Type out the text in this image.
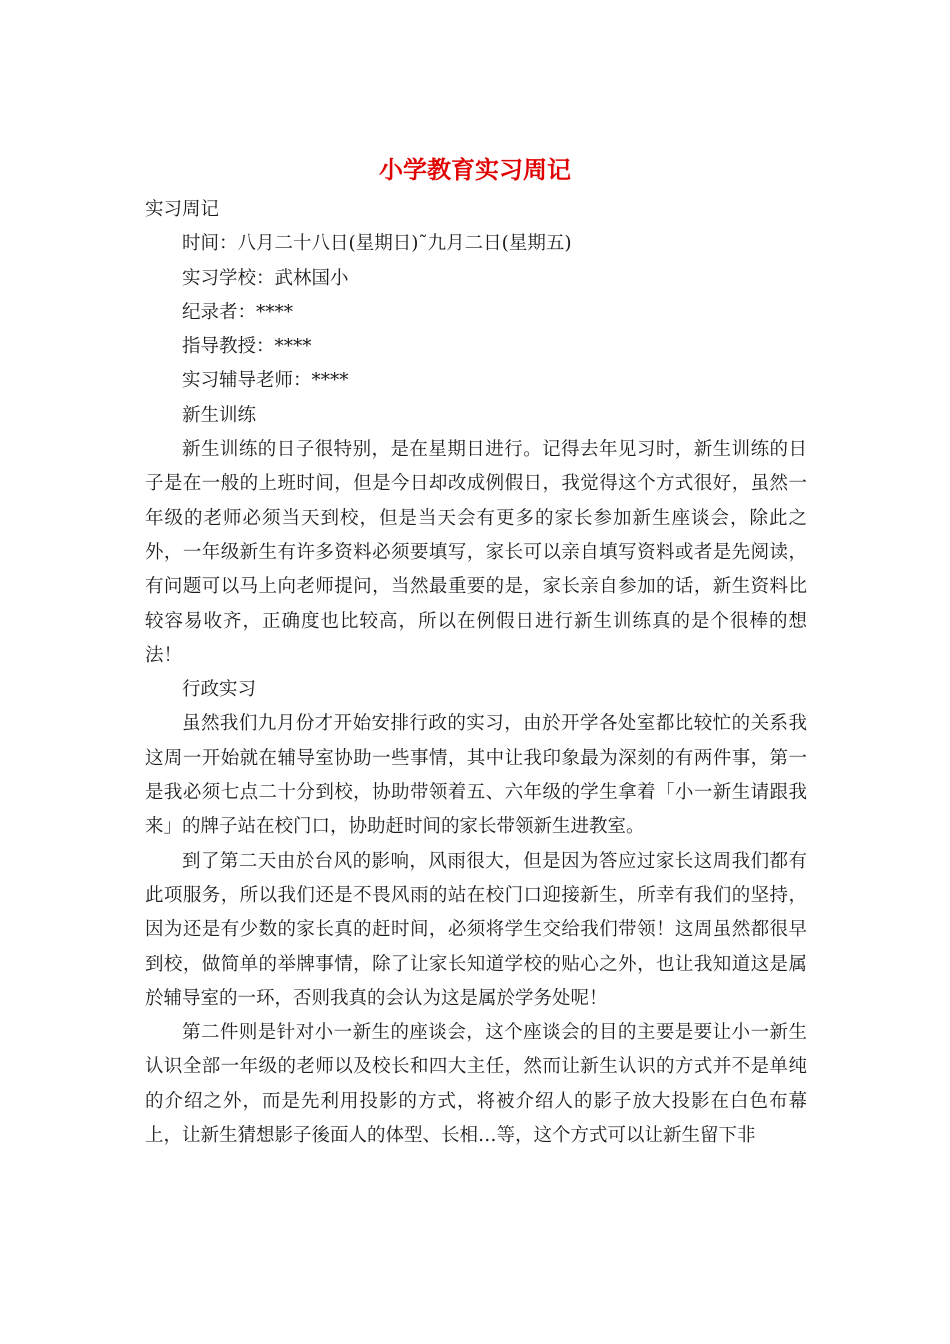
小学教育实习周记

实习周记

时间：八月二十八日(星期日)˜九月二日(星期五)

实习学校：武林国小

纪录者：****

指导教授：****

实习辅导老师：****

新生训练

新生训练的日子很特别，是在星期日进行。记得去年见习时，新生训练的日子是在一般的上班时间，但是今日却改成例假日，我觉得这个方式很好，虽然一年级的老师必须当天到校，但是当天会有更多的家长参加新生座谈会，除此之外，一年级新生有许多资料必须要填写，家长可以亲自填写资料或者是先阅读，有问题可以马上向老师提问，当然最重要的是，家长亲自参加的话，新生资料比较容易收齐，正确度也比较高，所以在例假日进行新生训练真的是个很棒的想法！

行政实习

虽然我们九月份才开始安排行政的实习，由於开学各处室都比较忙的关系我这周一开始就在辅导室协助一些事情，其中让我印象最为深刻的有两件事，第一是我必须七点二十分到校，协助带领着五、六年级的学生拿着「小一新生请跟我来」的牌子站在校门口，协助赶时间的家长带领新生进教室。

到了第二天由於台风的影响，风雨很大，但是因为答应过家长这周我们都有此项服务，所以我们还是不畏风雨的站在校门口迎接新生，所幸有我们的坚持，因为还是有少数的家长真的赶时间，必须将学生交给我们带领！这周虽然都很早到校，做简单的举牌事情，除了让家长知道学校的贴心之外，也让我知道这是属於辅导室的一环，否则我真的会认为这是属於学务处呢！

第二件则是针对小一新生的座谈会，这个座谈会的目的主要是要让小一新生认识全部一年级的老师以及校长和四大主任，然而让新生认识的方式并不是单纯的介绍之外，而是先利用投影的方式，将被介绍人的影子放大投影在白色布幕上，让新生猜想影子後面人的体型、长相…等，这个方式可以让新生留下非
